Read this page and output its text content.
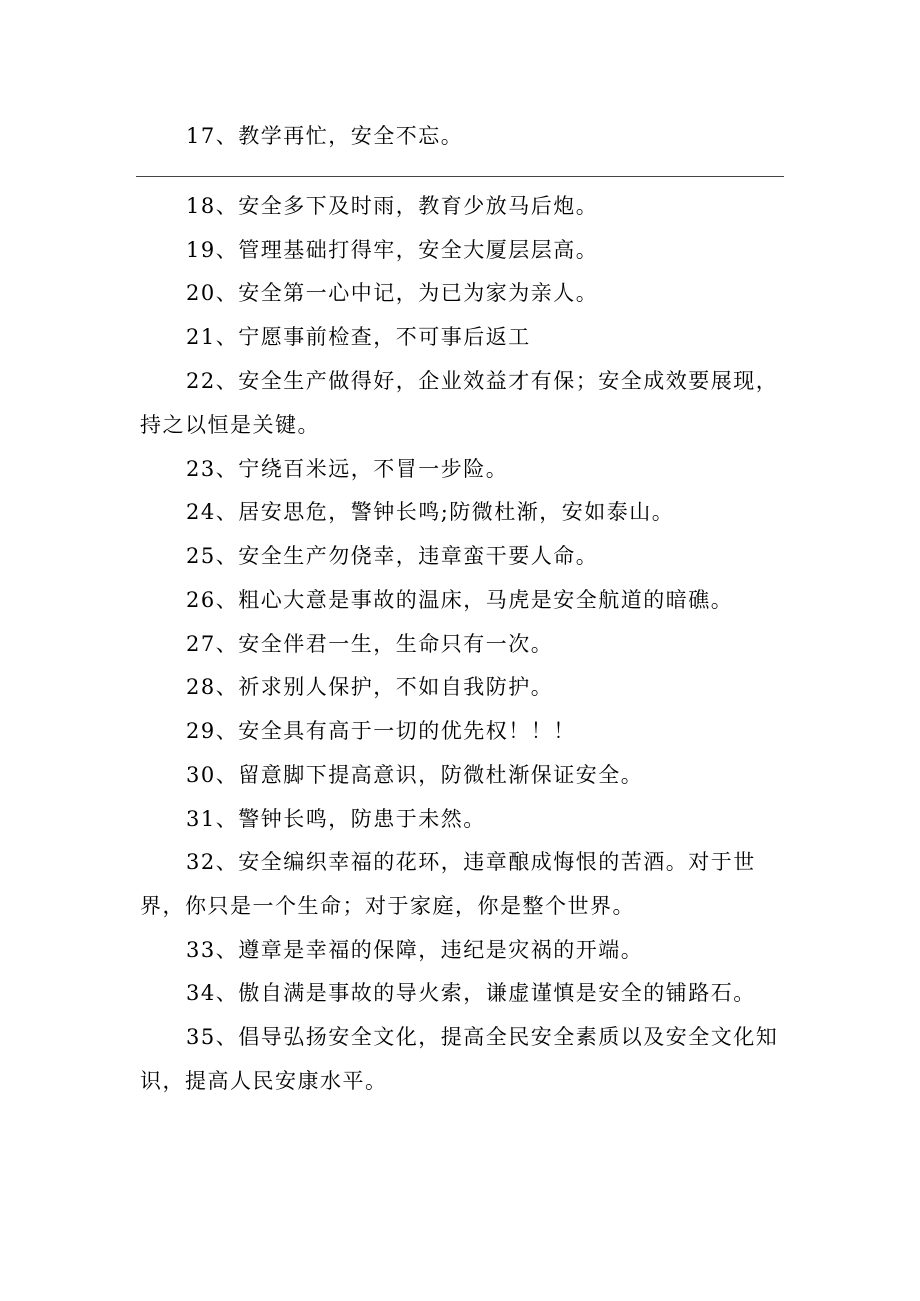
17、教学再忙，安全不忘。
18、安全多下及时雨，教育少放马后炮。
19、管理基础打得牢，安全大厦层层高。
20、安全第一心中记，为已为家为亲人。
21、宁愿事前检查，不可事后返工
22、安全生产做得好，企业效益才有保；安全成效要展现，持之以恒是关键。
23、宁绕百米远，不冒一步险。
24、居安思危，警钟长鸣;防微杜渐，安如泰山。
25、安全生产勿侥幸，违章蛮干要人命。
26、粗心大意是事故的温床，马虎是安全航道的暗礁。
27、安全伴君一生，生命只有一次。
28、祈求别人保护，不如自我防护。
29、安全具有高于一切的优先权！！！
30、留意脚下提高意识，防微杜渐保证安全。
31、警钟长鸣，防患于未然。
32、安全编织幸福的花环，违章酿成悔恨的苦酒。对于世界，你只是一个生命；对于家庭，你是整个世界。
33、遵章是幸福的保障，违纪是灾祸的开端。
34、傲自满是事故的导火索，谦虚谨慎是安全的铺路石。
35、倡导弘扬安全文化，提高全民安全素质以及安全文化知识，提高人民安康水平。
